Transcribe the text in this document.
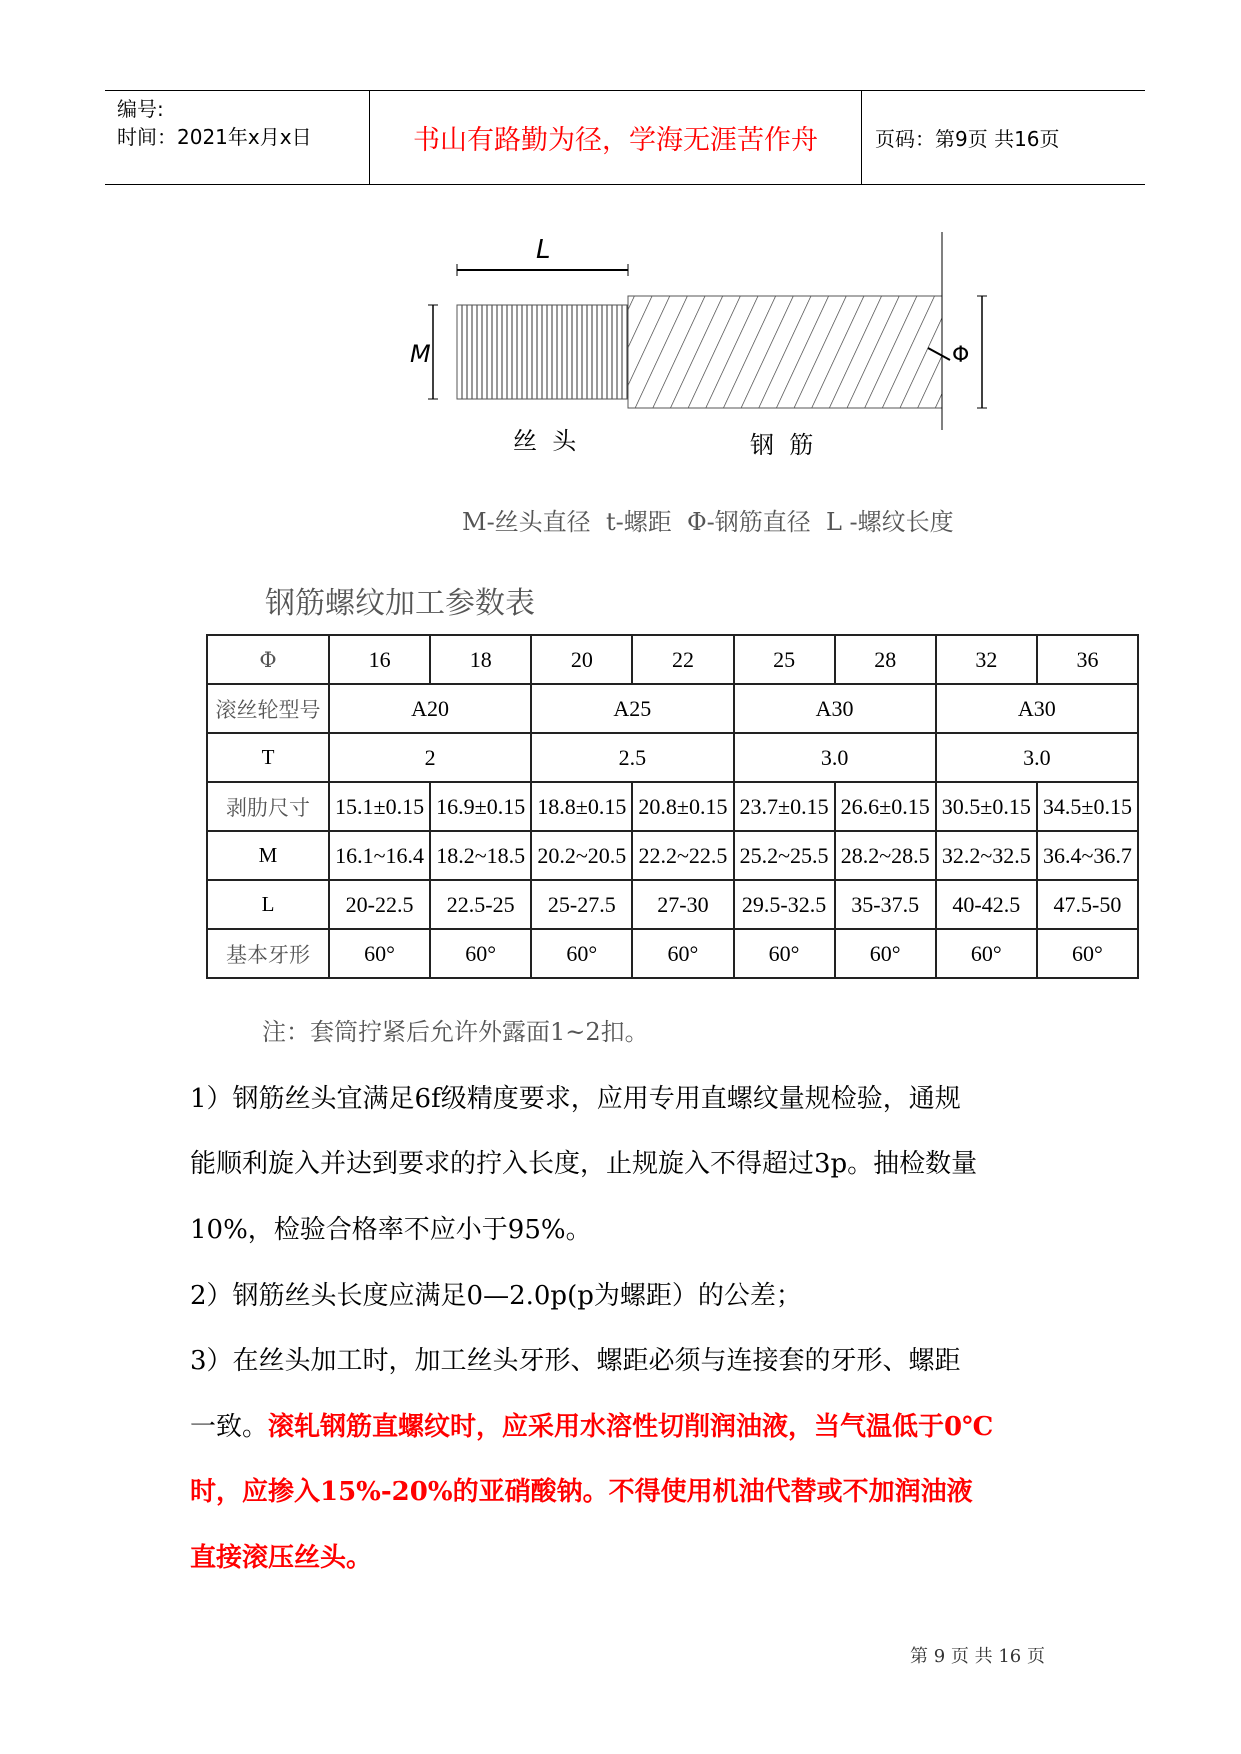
编号:
时间：2021年x月x日	书山有路勤为径，学海无涯苦作舟	页码：第9页 共16页
L
M	Φ
丝  头	钢  筋
M-丝头直径  t-螺距  Φ-钢筋直径  L -螺纹长度
钢筋螺纹加工参数表
Φ	16	18	20	22	25	28	32	36
滚丝轮型号	A20		A25		A30		A30	
T	2		2.5		3.0		3.0	
剥肋尺寸	15.1±0.15	16.9±0.15	18.8±0.15	20.8±0.15	23.7±0.15	26.6±0.15	30.5±0.15	34.5±0.15
M	16.1~16.4	18.2~18.5	20.2~20.5	22.2~22.5	25.2~25.5	28.2~28.5	32.2~32.5	36.4~36.7
L	20-22.5	22.5-25	25-27.5	27-30	29.5-32.5	35-37.5	40-42.5	47.5-50
基本牙形	60°	60°	60°	60°	60°	60°	60°	60°
注：套筒拧紧后允许外露面1~2扣。
1）钢筋丝头宜满足6f级精度要求，应用专用直螺纹量规检验，通规
能顺利旋入并达到要求的拧入长度，止规旋入不得超过3p。抽检数量
10%，检验合格率不应小于95%。
2）钢筋丝头长度应满足0—2.0p(p为螺距）的公差；
3）在丝头加工时，加工丝头牙形、螺距必须与连接套的牙形、螺距
一致。滚轧钢筋直螺纹时，应采用水溶性切削润油液，当气温低于0℃
时，应掺入15%-20%的亚硝酸钠。不得使用机油代替或不加润油液
直接滚压丝头。
第 9 页 共 16 页
